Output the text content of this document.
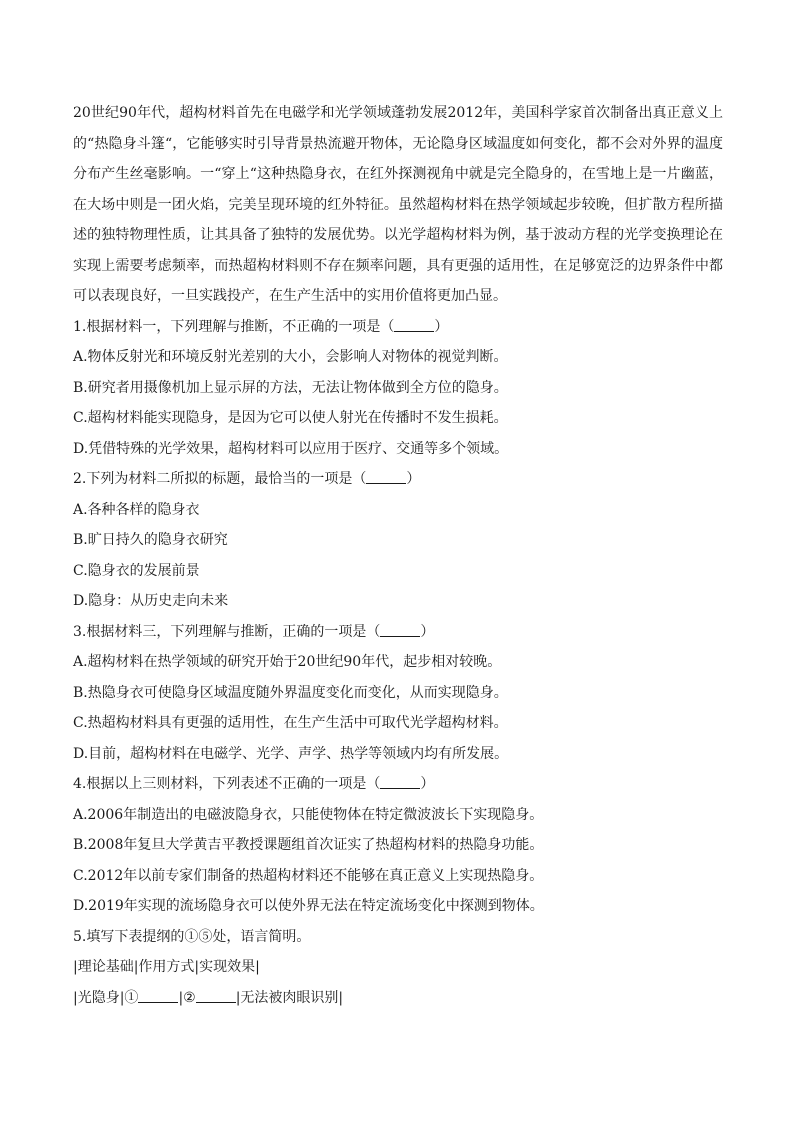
20世纪90年代，超构材料首先在电磁学和光学领域蓬勃发展2012年，美国科学家首次制备出真正意义上的“热隐身斗篷“，它能够实时引导背景热流避开物体，无论隐身区域温度如何变化，都不会对外界的温度分布产生丝毫影响。一“穿上“这种热隐身衣，在红外探测视角中就是完全隐身的，在雪地上是一片幽蓝，在大场中则是一团火焰，完美呈现环境的红外特征。虽然超构材料在热学领域起步较晚，但扩散方程所描述的独特物理性质，让其具备了独特的发展优势。以光学超构材料为例，基于波动方程的光学变换理论在实现上需要考虑频率，而热超构材料则不存在频率问题，具有更强的适用性，在足够宽泛的边界条件中都可以表现良好，一旦实践投产，在生产生活中的实用价值将更加凸显。

1.根据材料一，下列理解与推断，不正确的一项是（	）

A.物体反射光和环境反射光差别的大小，会影响人对物体的视觉判断。

B.研究者用摄像机加上显示屏的方法，无法让物体做到全方位的隐身。

C.超构材料能实现隐身，是因为它可以使人射光在传播时不发生损耗。

D.凭借特殊的光学效果，超构材料可以应用于医疗、交通等多个领域。

2.下列为材料二所拟的标题，最恰当的一项是（	）

A.各种各样的隐身衣

B.旷日持久的隐身衣研究

C.隐身衣的发展前景

D.隐身：从历史走向未来

3.根据材料三，下列理解与推断，正确的一项是（	）

A.超构材料在热学领域的研究开始于20世纪90年代，起步相对较晚。

B.热隐身衣可使隐身区域温度随外界温度变化而变化，从而实现隐身。

C.热超构材料具有更强的适用性，在生产生活中可取代光学超构材料。

D.目前，超构材料在电磁学、光学、声学、热学等领域内均有所发展。

4.根据以上三则材料，下列表述不正确的一项是（	）

A.2006年制造出的电磁波隐身衣，只能使物体在特定微波波长下实现隐身。

B.2008年复旦大学黄吉平教授课题组首次证实了热超构材料的热隐身功能。

C.2012年以前专家们制备的热超构材料还不能够在真正意义上实现热隐身。

D.2019年实现的流场隐身衣可以使外界无法在特定流场变化中探测到物体。

5.填写下表提纲的①⑤处，语言简明。

|理论基础|作用方式|实现效果|

|光隐身|①	|②	|无法被肉眼识别|
